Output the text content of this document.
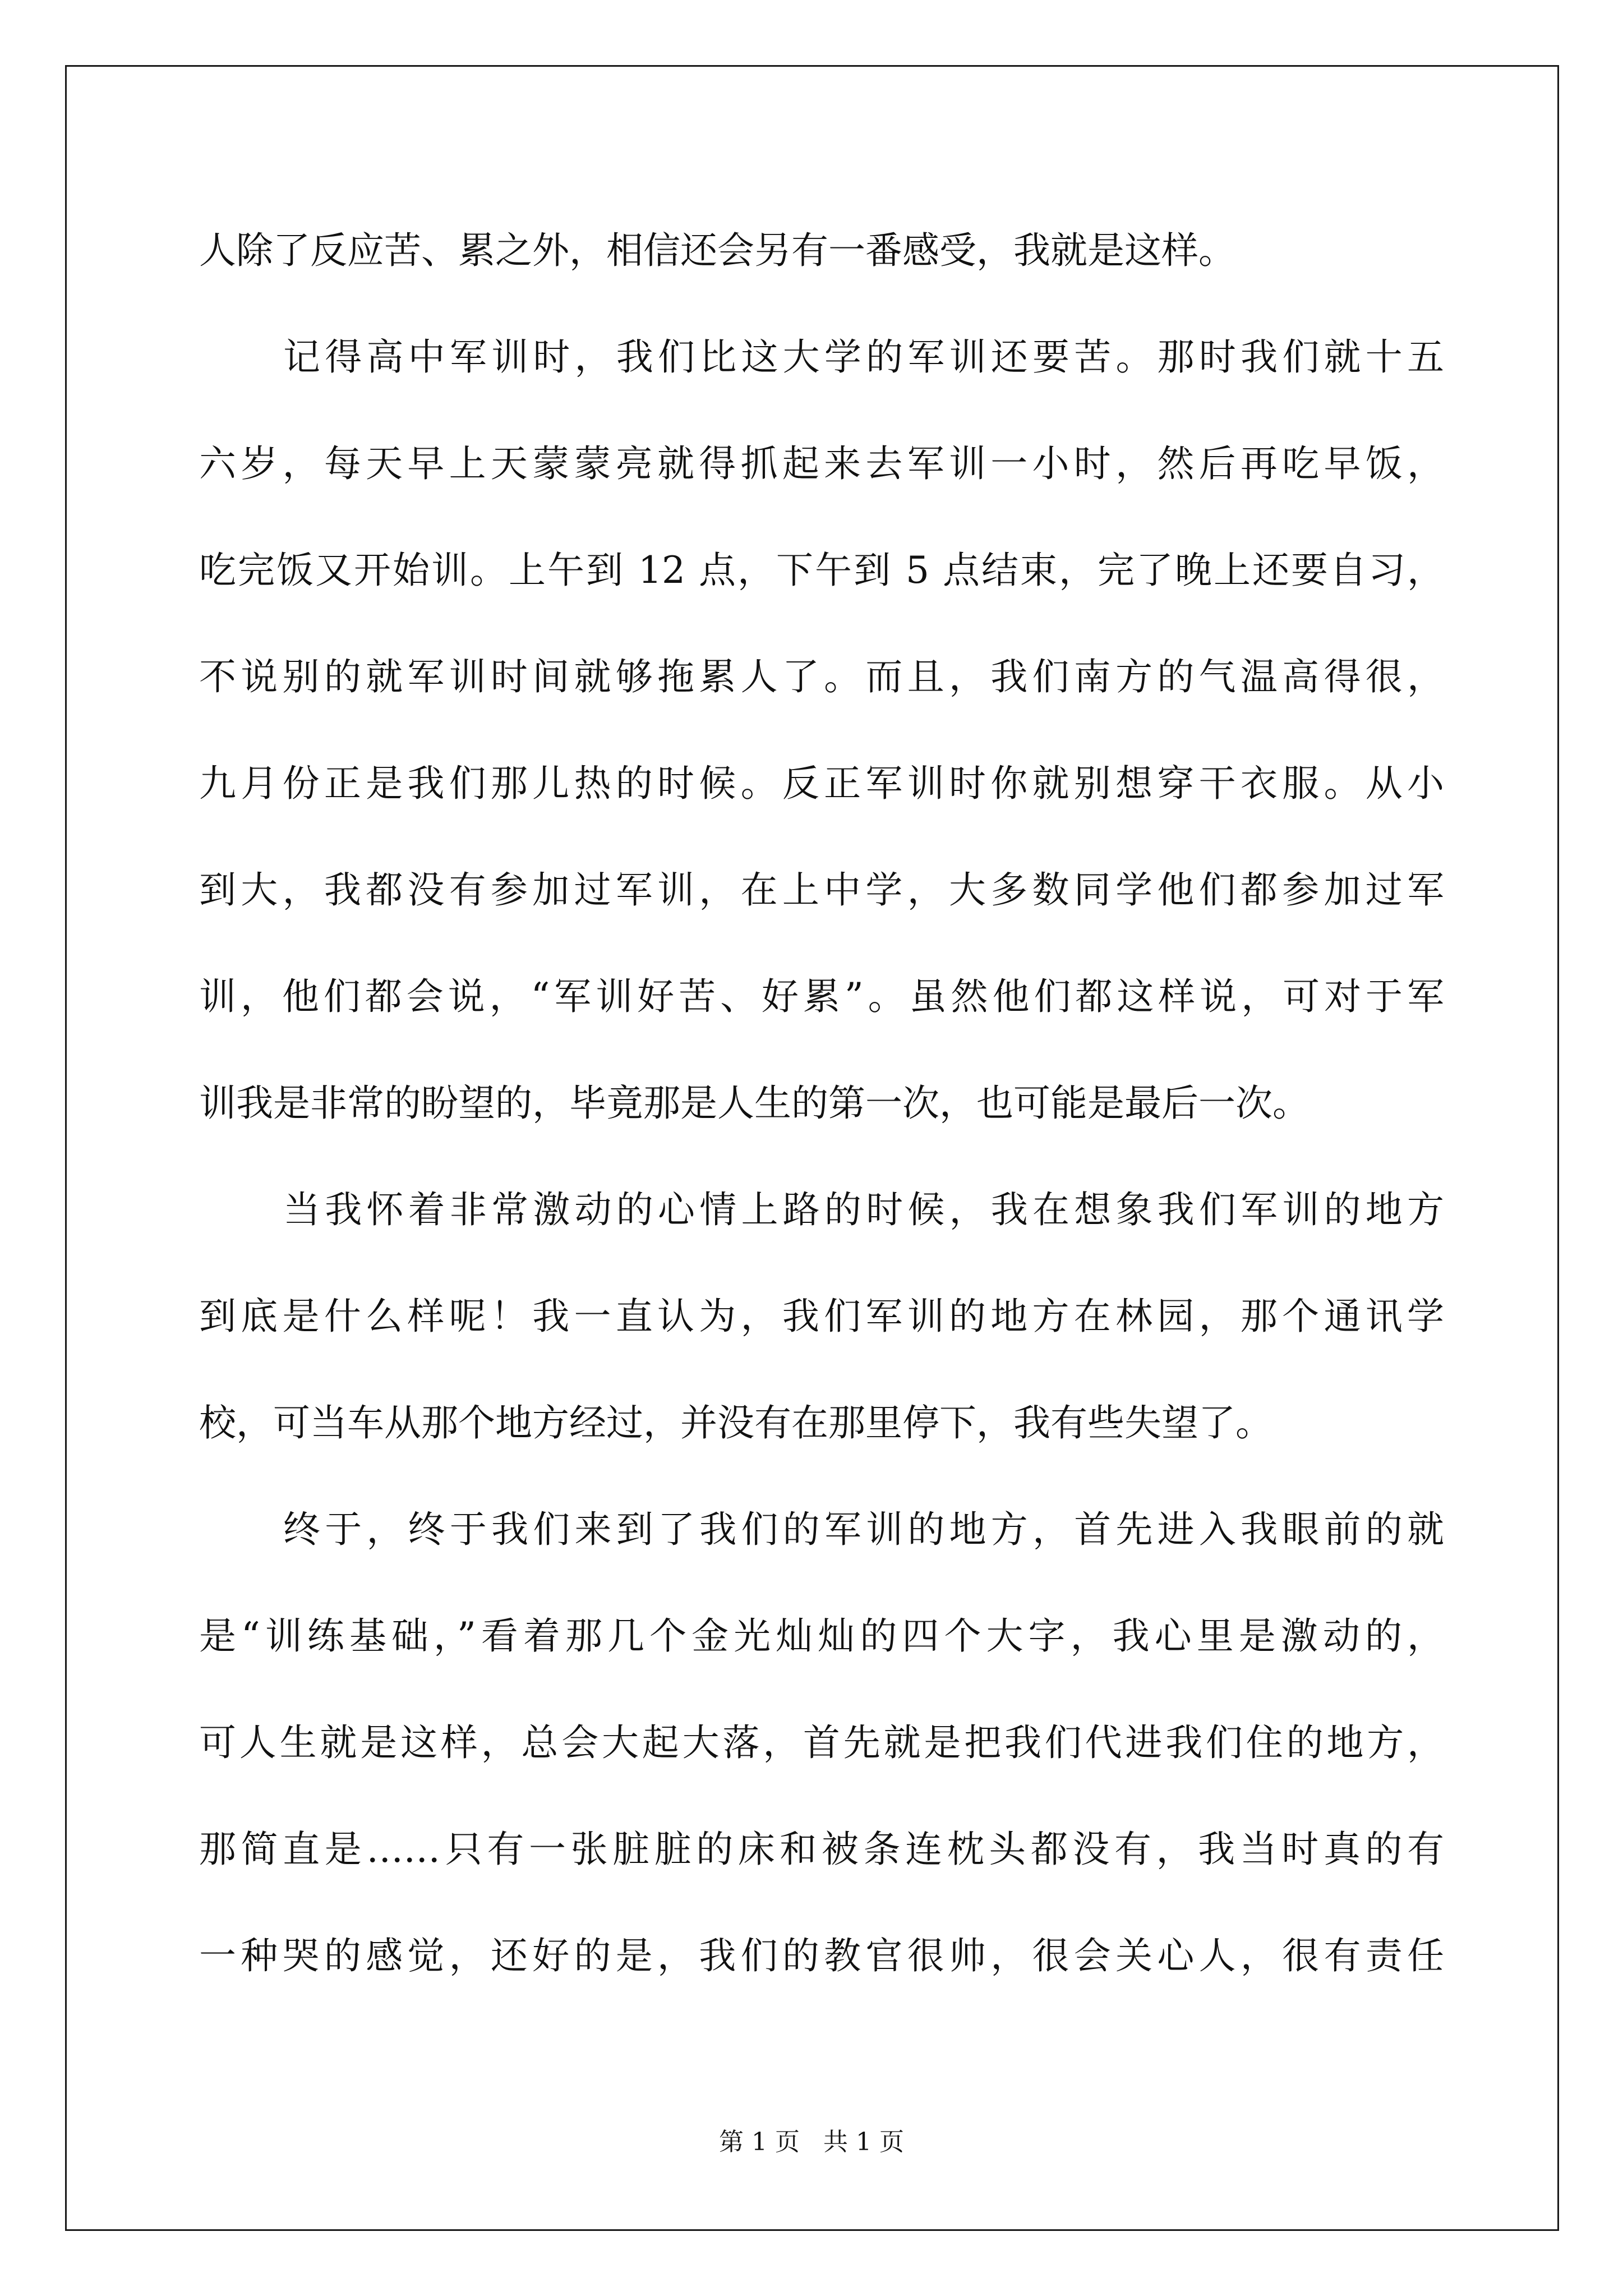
人除了反应苦、累之外，相信还会另有一番感受，我就是这样。
记得高中军训时，我们比这大学的军训还要苦。那时我们就十五
六岁，每天早上天蒙蒙亮就得抓起来去军训一小时，然后再吃早饭，
吃完饭又开始训。上午到 12 点，下午到 5 点结束，完了晚上还要自习，
不说别的就军训时间就够拖累人了。而且，我们南方的气温高得很，
九月份正是我们那儿热的时候。反正军训时你就别想穿干衣服。从小
到大，我都没有参加过军训，在上中学，大多数同学他们都参加过军
训，他们都会说，“军训好苦、好累”。虽然他们都这样说，可对于军
训我是非常的盼望的，毕竟那是人生的第一次，也可能是最后一次。
当我怀着非常激动的心情上路的时候，我在想象我们军训的地方
到底是什么样呢！我一直认为，我们军训的地方在林园，那个通讯学
校，可当车从那个地方经过，并没有在那里停下，我有些失望了。
终于，终于我们来到了我们的军训的地方，首先进入我眼前的就
是“训练基础，”看着那几个金光灿灿的四个大字，我心里是激动的，
可人生就是这样，总会大起大落，首先就是把我们代进我们住的地方，
那简直是……只有一张脏脏的床和被条连枕头都没有，我当时真的有
一种哭的感觉，还好的是，我们的教官很帅，很会关心人，很有责任
第 1 页 共 1 页
